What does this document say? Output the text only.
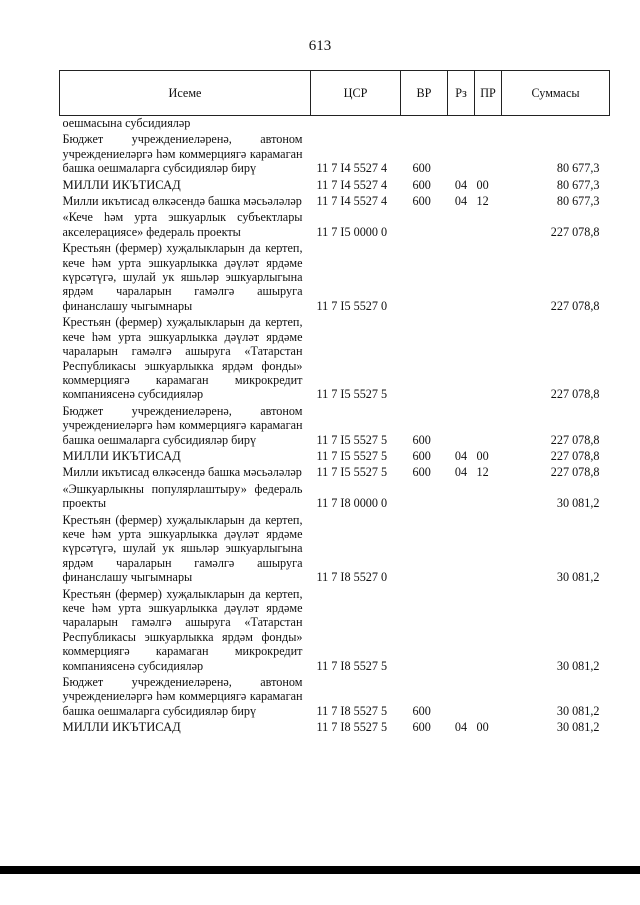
613
Исеме	ЦСР	ВР	Рз	ПР	Суммасы
оешмасына субсидияләр					
Бюджет учреждениеләренә, автоном учреждениеләргә һәм коммерциягә карамаган башка оешмаларга субсидияләр бирү	11 7 I4 5527 4	600			80 677,3
МИЛЛИ ИКЪТИСАД	11 7 I4 5527 4	600	04	00	80 677,3
Милли икътисад өлкәсендә башка мәсьәләләр	11 7 I4 5527 4	600	04	12	80 677,3
«Кече һәм урта эшкуарлык субъектлары акселерациясе» федераль проекты	11 7 I5 0000 0				227 078,8
Крестьян (фермер) хуҗалыкларын да кертеп, кече һәм урта эшкуарлыкка дәүләт ярдәме күрсәтүгә, шулай ук яшьләр эшкуарлыгына ярдәм чараларын гамәлгә ашыруга финанслашу чыгымнары	11 7 I5 5527 0				227 078,8
Крестьян (фермер) хуҗалыкларын да кертеп, кече һәм урта эшкуарлыкка дәүләт ярдәме чараларын гамәлгә ашыруга «Татарстан Республикасы эшкуарлыкка ярдәм фонды» коммерциягә карамаган микрокредит компаниясенә субсидияләр	11 7 I5 5527 5				227 078,8
Бюджет учреждениеләренә, автоном учреждениеләргә һәм коммерциягә карамаган башка оешмаларга субсидияләр бирү	11 7 I5 5527 5	600			227 078,8
МИЛЛИ ИКЪТИСАД	11 7 I5 5527 5	600	04	00	227 078,8
Милли икътисад өлкәсендә башка мәсьәләләр	11 7 I5 5527 5	600	04	12	227 078,8
«Эшкуарлыкны популярлаштыру» федераль проекты	11 7 I8 0000 0				30 081,2
Крестьян (фермер) хуҗалыкларын да кертеп, кече һәм урта эшкуарлыкка дәүләт ярдәме күрсәтүгә, шулай ук яшьләр эшкуарлыгына ярдәм чараларын гамәлгә ашыруга финанслашу чыгымнары	11 7 I8 5527 0				30 081,2
Крестьян (фермер) хуҗалыкларын да кертеп, кече һәм урта эшкуарлыкка дәүләт ярдәме чараларын гамәлгә ашыруга «Татарстан Республикасы эшкуарлыкка ярдәм фонды» коммерциягә карамаган микрокредит компаниясенә субсидияләр	11 7 I8 5527 5				30 081,2
Бюджет учреждениеләренә, автоном учреждениеләргә һәм коммерциягә карамаган башка оешмаларга субсидияләр бирү	11 7 I8 5527 5	600			30 081,2
МИЛЛИ ИКЪТИСАД	11 7 I8 5527 5	600	04	00	30 081,2
